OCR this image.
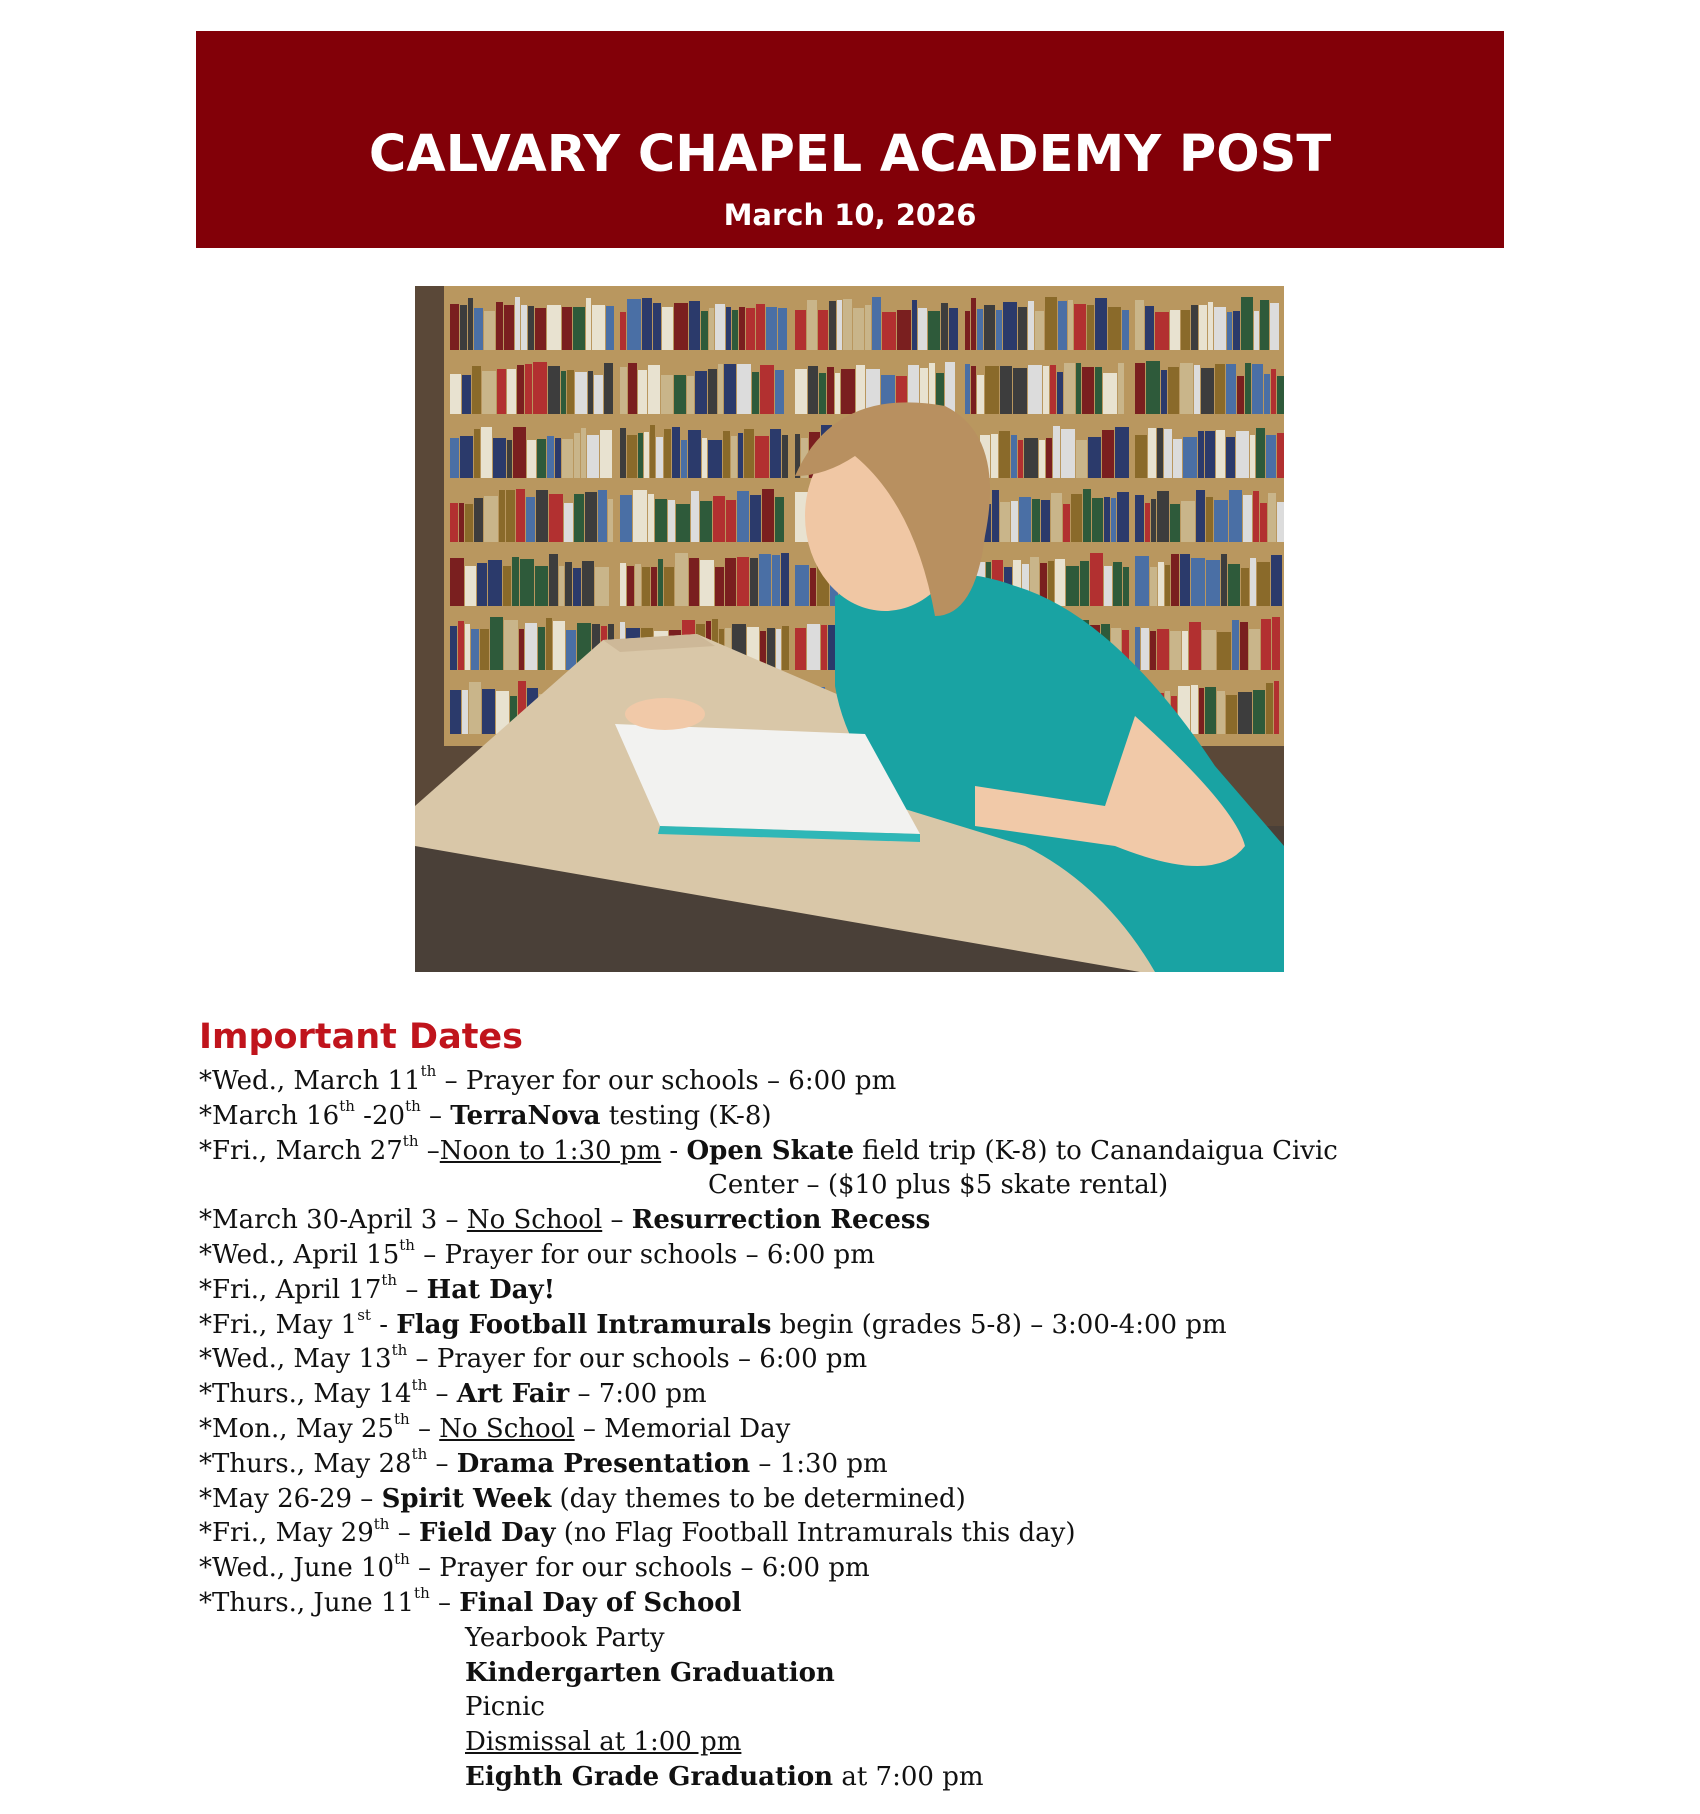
CALVARY CHAPEL ACADEMY POST
March 10, 2026
Important Dates
*Wed., March 11th – Prayer for our schools – 6:00 pm
*March 16th -20th – TerraNova testing (K-8)
*Fri., March 27th –Noon to 1:30 pm - Open Skate field trip (K-8) to Canandaigua Civic
Center – ($10 plus $5 skate rental)
*March 30-April 3 – No School – Resurrection Recess
*Wed., April 15th – Prayer for our schools – 6:00 pm
*Fri., April 17th – Hat Day!
*Fri., May 1st - Flag Football Intramurals begin (grades 5-8) – 3:00-4:00 pm
*Wed., May 13th – Prayer for our schools – 6:00 pm
*Thurs., May 14th – Art Fair – 7:00 pm
*Mon., May 25th – No School – Memorial Day
*Thurs., May 28th – Drama Presentation – 1:30 pm
*May 26-29 – Spirit Week (day themes to be determined)
*Fri., May 29th – Field Day (no Flag Football Intramurals this day)
*Wed., June 10th – Prayer for our schools – 6:00 pm
*Thurs., June 11th – Final Day of School
Yearbook Party
Kindergarten Graduation
Picnic
Dismissal at 1:00 pm
Eighth Grade Graduation at 7:00 pm
